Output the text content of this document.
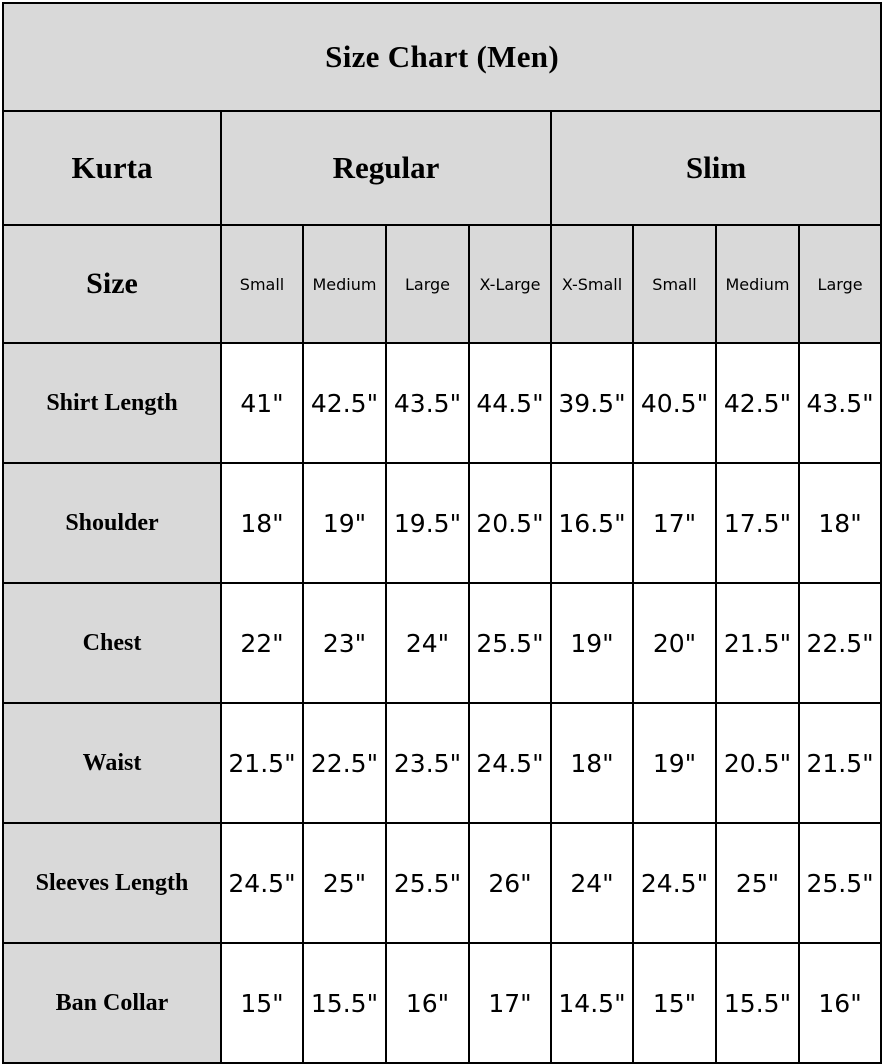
Size Chart (Men)								
Kurta	Regular				Slim			
Size	Small	Medium	Large	X-Large	X-Small	Small	Medium	Large
Shirt Length	41"	42.5"	43.5"	44.5"	39.5"	40.5"	42.5"	43.5"
Shoulder	18"	19"	19.5"	20.5"	16.5"	17"	17.5"	18"
Chest	22"	23"	24"	25.5"	19"	20"	21.5"	22.5"
Waist	21.5"	22.5"	23.5"	24.5"	18"	19"	20.5"	21.5"
Sleeves Length	24.5"	25"	25.5"	26"	24"	24.5"	25"	25.5"
Ban Collar	15"	15.5"	16"	17"	14.5"	15"	15.5"	16"
